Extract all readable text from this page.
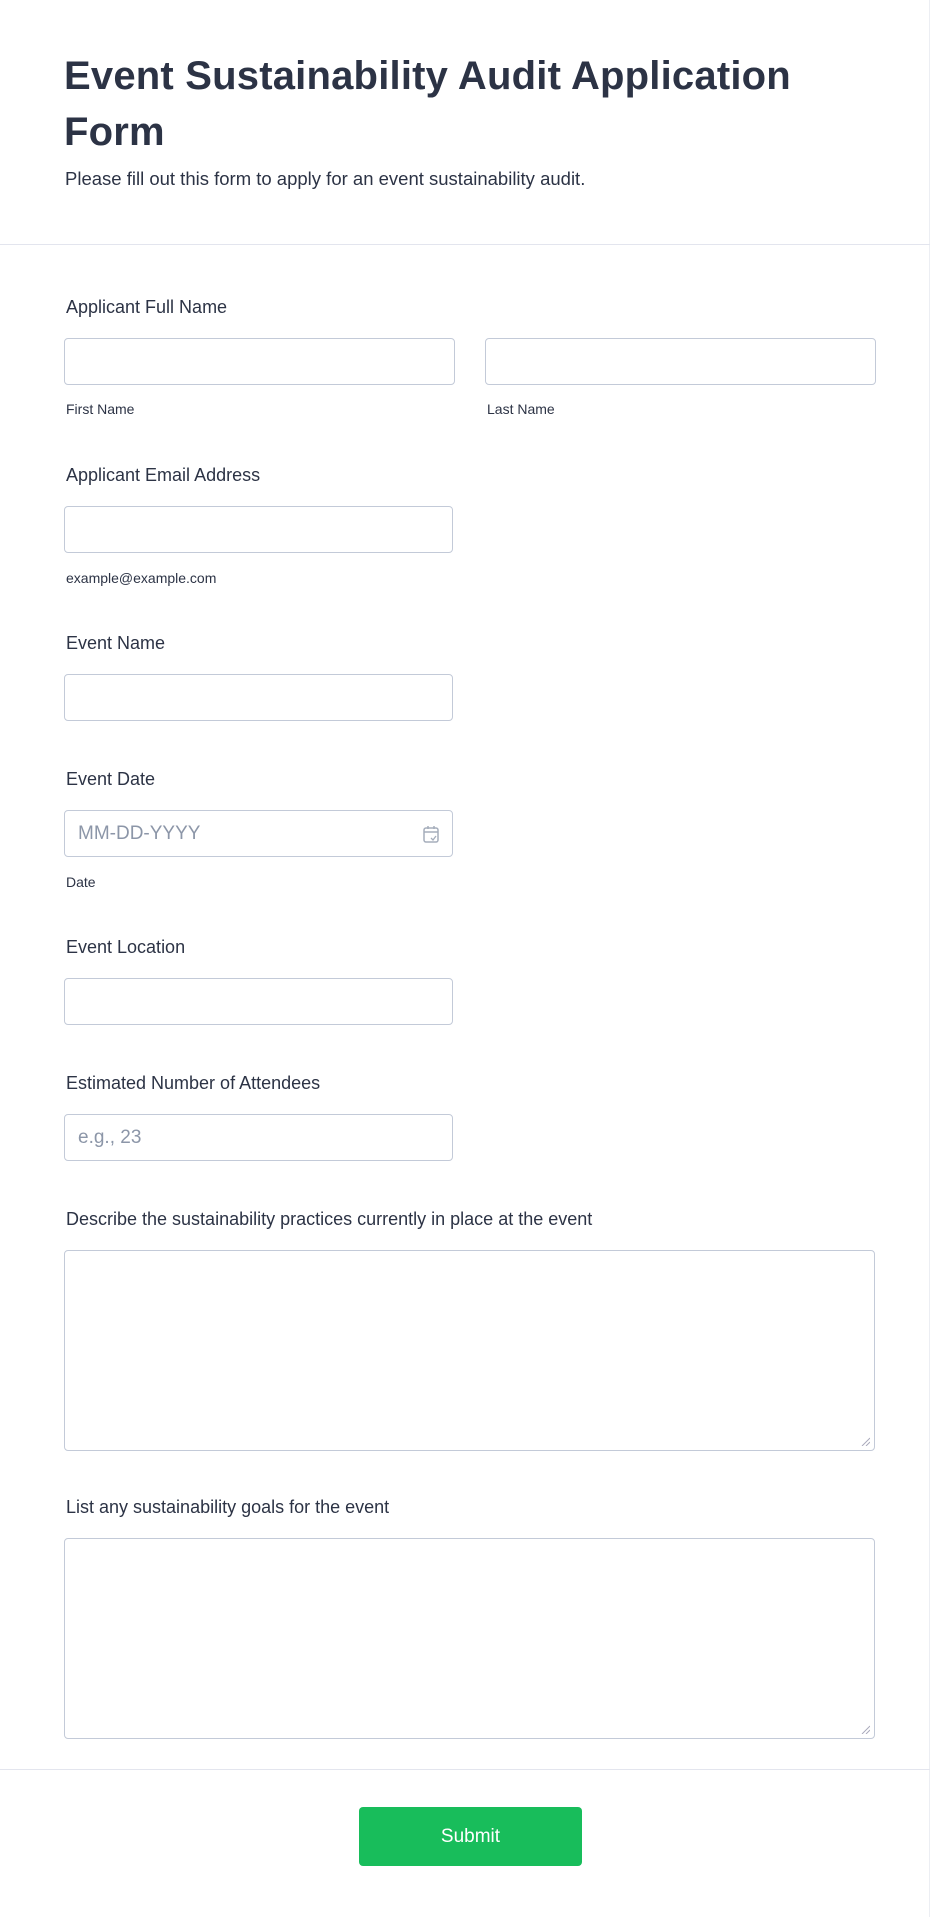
Event Sustainability Audit Application Form
Please fill out this form to apply for an event sustainability audit.
Applicant Full Name
First Name	Last Name
Applicant Email Address
example@example.com
Event Name
Event Date
MM-DD-YYYY
Date
Event Location
Estimated Number of Attendees
e.g., 23
Describe the sustainability practices currently in place at the event
List any sustainability goals for the event
Submit
